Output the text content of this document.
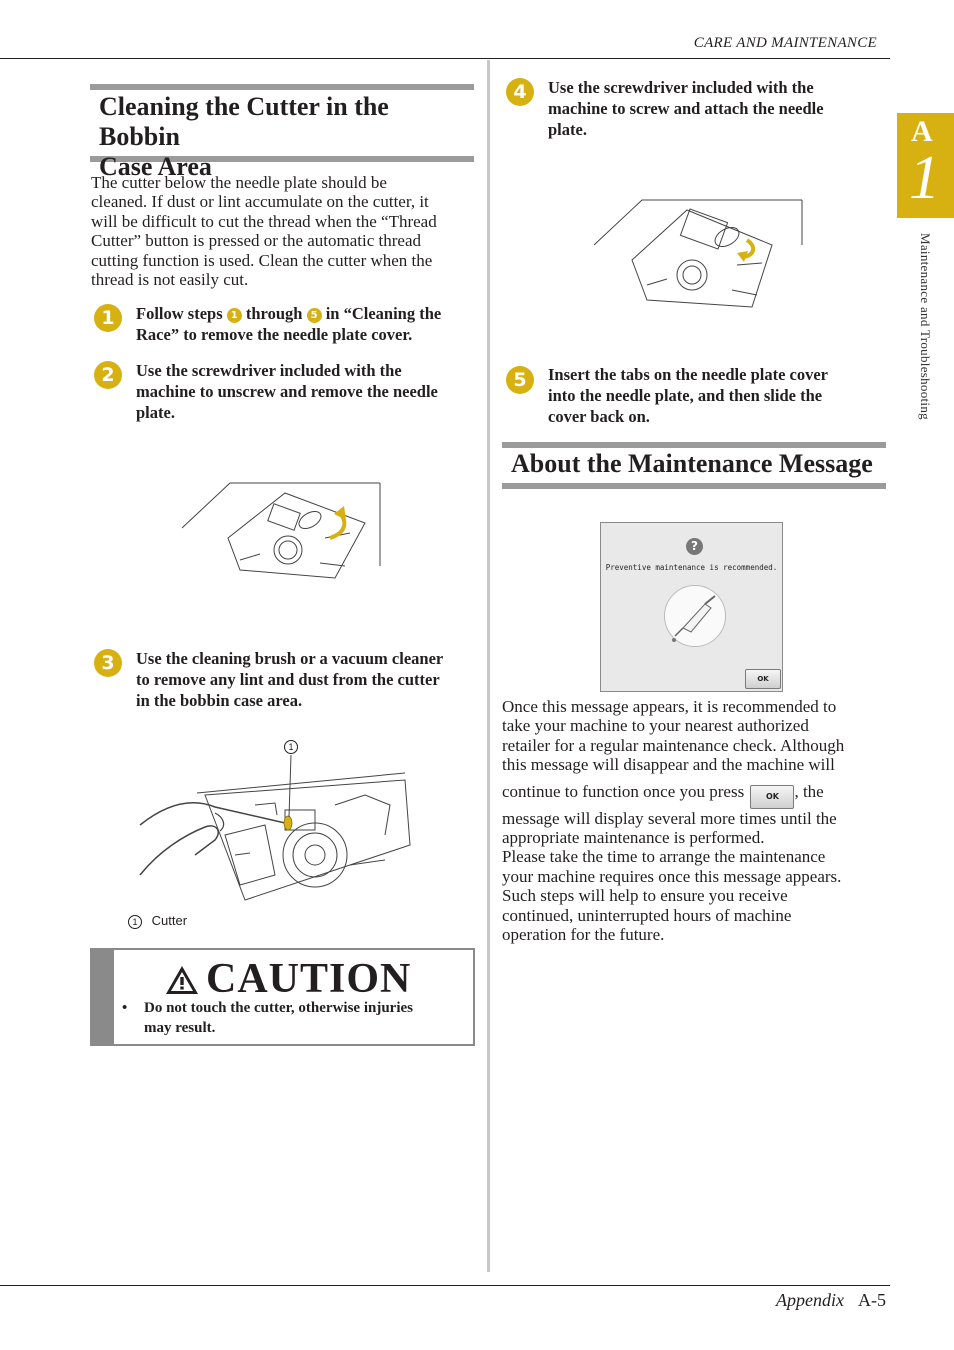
CARE AND MAINTENANCE
A
1
Maintenance and Troubleshooting
Cleaning the Cutter in the Bobbin
Case Area
The cutter below the needle plate should be
cleaned. If dust or lint accumulate on the cutter, it
will be difficult to cut the thread when the “Thread
Cutter” button is pressed or the automatic thread
cutting function is used. Clean the cutter when the
thread is not easily cut.
1	Follow steps 1 through 5 in “Cleaning the
Race” to remove the needle plate cover.
2	Use the screwdriver included with the
machine to unscrew and remove the needle
plate.
3	Use the cleaning brush or a vacuum cleaner
to remove any lint and dust from the cutter
in the bobbin case area.
1
1 Cutter
CAUTION
• Do not touch the cutter, otherwise injuries
may result.
4	Use the screwdriver included with the
machine to screw and attach the needle
plate.
5	Insert the tabs on the needle plate cover
into the needle plate, and then slide the
cover back on.
About the Maintenance Message
?
Preventive maintenance is recommended.
OK
Once this message appears, it is recommended to
take your machine to your nearest authorized
retailer for a regular maintenance check. Although
this message will disappear and the machine will
continue to function once you press	OK , the
message will display several more times until the
appropriate maintenance is performed.
Please take the time to arrange the maintenance
your machine requires once this message appears.
Such steps will help to ensure you receive
continued, uninterrupted hours of machine
operation for the future.
Appendix A-5
